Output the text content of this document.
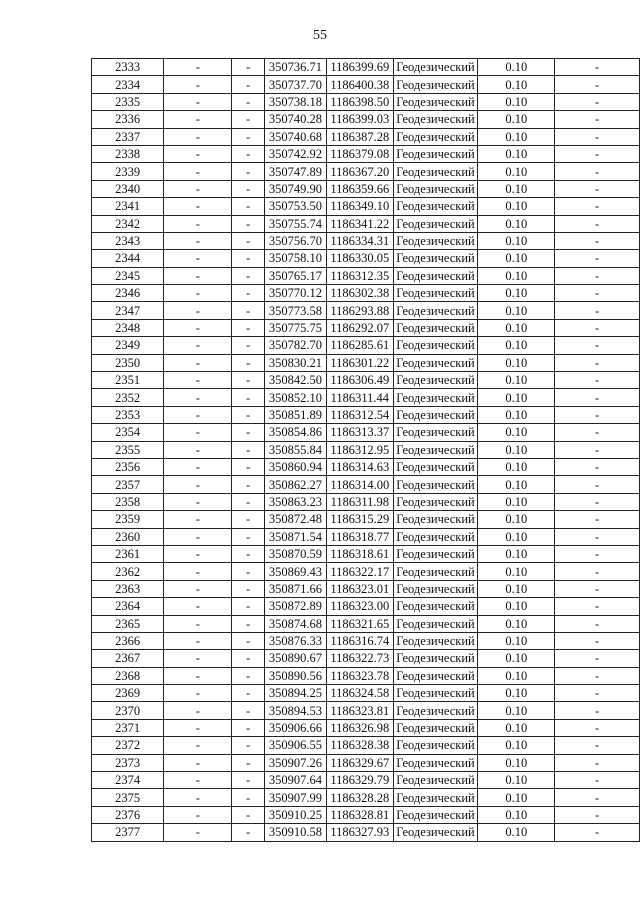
55
2333	-	-	350736.71	1186399.69	Геодезический	0.10	-
2334	-	-	350737.70	1186400.38	Геодезический	0.10	-
2335	-	-	350738.18	1186398.50	Геодезический	0.10	-
2336	-	-	350740.28	1186399.03	Геодезический	0.10	-
2337	-	-	350740.68	1186387.28	Геодезический	0.10	-
2338	-	-	350742.92	1186379.08	Геодезический	0.10	-
2339	-	-	350747.89	1186367.20	Геодезический	0.10	-
2340	-	-	350749.90	1186359.66	Геодезический	0.10	-
2341	-	-	350753.50	1186349.10	Геодезический	0.10	-
2342	-	-	350755.74	1186341.22	Геодезический	0.10	-
2343	-	-	350756.70	1186334.31	Геодезический	0.10	-
2344	-	-	350758.10	1186330.05	Геодезический	0.10	-
2345	-	-	350765.17	1186312.35	Геодезический	0.10	-
2346	-	-	350770.12	1186302.38	Геодезический	0.10	-
2347	-	-	350773.58	1186293.88	Геодезический	0.10	-
2348	-	-	350775.75	1186292.07	Геодезический	0.10	-
2349	-	-	350782.70	1186285.61	Геодезический	0.10	-
2350	-	-	350830.21	1186301.22	Геодезический	0.10	-
2351	-	-	350842.50	1186306.49	Геодезический	0.10	-
2352	-	-	350852.10	1186311.44	Геодезический	0.10	-
2353	-	-	350851.89	1186312.54	Геодезический	0.10	-
2354	-	-	350854.86	1186313.37	Геодезический	0.10	-
2355	-	-	350855.84	1186312.95	Геодезический	0.10	-
2356	-	-	350860.94	1186314.63	Геодезический	0.10	-
2357	-	-	350862.27	1186314.00	Геодезический	0.10	-
2358	-	-	350863.23	1186311.98	Геодезический	0.10	-
2359	-	-	350872.48	1186315.29	Геодезический	0.10	-
2360	-	-	350871.54	1186318.77	Геодезический	0.10	-
2361	-	-	350870.59	1186318.61	Геодезический	0.10	-
2362	-	-	350869.43	1186322.17	Геодезический	0.10	-
2363	-	-	350871.66	1186323.01	Геодезический	0.10	-
2364	-	-	350872.89	1186323.00	Геодезический	0.10	-
2365	-	-	350874.68	1186321.65	Геодезический	0.10	-
2366	-	-	350876.33	1186316.74	Геодезический	0.10	-
2367	-	-	350890.67	1186322.73	Геодезический	0.10	-
2368	-	-	350890.56	1186323.78	Геодезический	0.10	-
2369	-	-	350894.25	1186324.58	Геодезический	0.10	-
2370	-	-	350894.53	1186323.81	Геодезический	0.10	-
2371	-	-	350906.66	1186326.98	Геодезический	0.10	-
2372	-	-	350906.55	1186328.38	Геодезический	0.10	-
2373	-	-	350907.26	1186329.67	Геодезический	0.10	-
2374	-	-	350907.64	1186329.79	Геодезический	0.10	-
2375	-	-	350907.99	1186328.28	Геодезический	0.10	-
2376	-	-	350910.25	1186328.81	Геодезический	0.10	-
2377	-	-	350910.58	1186327.93	Геодезический	0.10	-
